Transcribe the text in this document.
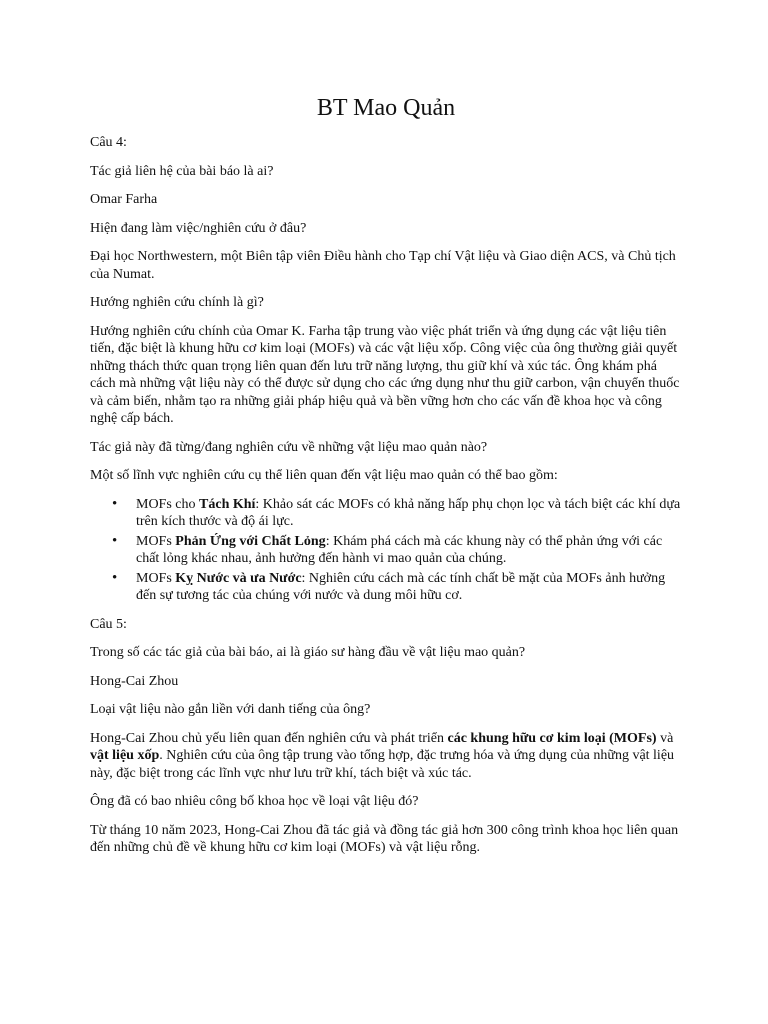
BT Mao Quản

Câu 4:

Tác giả liên hệ của bài báo là ai?

Omar Farha

Hiện đang làm việc/nghiên cứu ở đâu?

Đại học Northwestern, một Biên tập viên Điều hành cho Tạp chí Vật liệu và Giao diện ACS, và Chủ tịch của Numat.

Hướng nghiên cứu chính là gì?

Hướng nghiên cứu chính của Omar K. Farha tập trung vào việc phát triển và ứng dụng các vật liệu tiên tiến, đặc biệt là khung hữu cơ kim loại (MOFs) và các vật liệu xốp. Công việc của ông thường giải quyết những thách thức quan trọng liên quan đến lưu trữ năng lượng, thu giữ khí và xúc tác. Ông khám phá cách mà những vật liệu này có thể được sử dụng cho các ứng dụng như thu giữ carbon, vận chuyển thuốc và cảm biến, nhằm tạo ra những giải pháp hiệu quả và bền vững hơn cho các vấn đề khoa học và công nghệ cấp bách.

Tác giả này đã từng/đang nghiên cứu về những vật liệu mao quản nào?

Một số lĩnh vực nghiên cứu cụ thể liên quan đến vật liệu mao quản có thể bao gồm:

• MOFs cho Tách Khí: Khảo sát các MOFs có khả năng hấp phụ chọn lọc và tách biệt các khí dựa trên kích thước và độ ái lực.
• MOFs Phản Ứng với Chất Lỏng: Khám phá cách mà các khung này có thể phản ứng với các chất lỏng khác nhau, ảnh hưởng đến hành vi mao quản của chúng.
• MOFs Kỵ Nước và ưa Nước: Nghiên cứu cách mà các tính chất bề mặt của MOFs ảnh hưởng đến sự tương tác của chúng với nước và dung môi hữu cơ.

Câu 5:

Trong số các tác giả của bài báo, ai là giáo sư hàng đầu về vật liệu mao quản?

Hong-Cai Zhou

Loại vật liệu nào gắn liền với danh tiếng của ông?

Hong-Cai Zhou chủ yếu liên quan đến nghiên cứu và phát triển các khung hữu cơ kim loại (MOFs) và vật liệu xốp. Nghiên cứu của ông tập trung vào tổng hợp, đặc trưng hóa và ứng dụng của những vật liệu này, đặc biệt trong các lĩnh vực như lưu trữ khí, tách biệt và xúc tác.

Ông đã có bao nhiêu công bố khoa học về loại vật liệu đó?

Từ tháng 10 năm 2023, Hong-Cai Zhou đã tác giả và đồng tác giả hơn 300 công trình khoa học liên quan đến những chủ đề về khung hữu cơ kim loại (MOFs) và vật liệu rỗng.
